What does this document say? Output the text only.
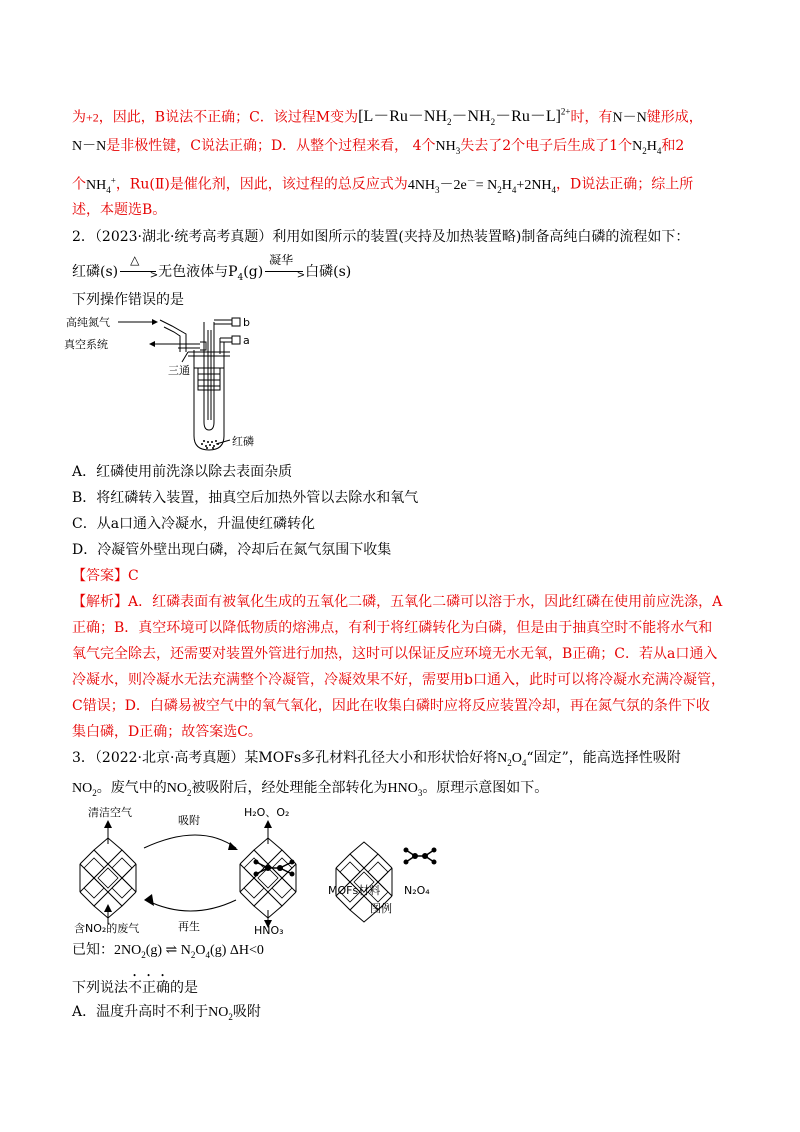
为+2，因此，B说法不正确；C．该过程M变为$[L-Ru-NH_2-NH_2-Ru-L]^{2+}$时，有N－N键形成，
N－N是非极性键，C说法正确；D．从整个过程来看， 4个$NH_3$失去了2个电子后生成了1个$N_2H_4$和2
个$NH_4^+$，Ru(Ⅱ)是催化剂，因此，该过程的总反应式为$4NH_3-2e^-= N_2H_4+2NH_4$，D说法正确；综上所
述，本题选B。
2．（2023·湖北·统考高考真题）利用如图所示的装置(夹持及加热装置略)制备高纯白磷的流程如下：
红磷(s)
△
> 无色液体与$P_4(g)$
凝华
> 白磷(s)
下列操作错误的是
高纯氮气
真空系统
三通
b
a
红磷
A．红磷使用前洗涤以除去表面杂质
B．将红磷转入装置，抽真空后加热外管以去除水和氧气
C．从a口通入冷凝水，升温使红磷转化
D．冷凝管外壁出现白磷，冷却后在氮气氛围下收集
【答案】C
【解析】A．红磷表面有被氧化生成的五氧化二磷，五氧化二磷可以溶于水，因此红磷在使用前应洗涤，A
正确；B．真空环境可以降低物质的熔沸点，有利于将红磷转化为白磷，但是由于抽真空时不能将水气和
氧气完全除去，还需要对装置外管进行加热，这时可以保证反应环境无水无氧，B正确；C．若从a口通入
冷凝水，则冷凝水无法充满整个冷凝管，冷凝效果不好，需要用b口通入，此时可以将冷凝水充满冷凝管，
C错误；D．白磷易被空气中的氧气氧化，因此在收集白磷时应将反应装置冷却，再在氮气氛的条件下收
集白磷，D正确；故答案选C。
3．（2022·北京·高考真题）某MOFs多孔材料孔径大小和形状恰好将$N_2O_4“$固定”，能高选择性吸附
$NO_2$。废气中的$NO_2$被吸附后，经处理能全部转化为$HNO_3$。原理示意图如下。
清洁空气
吸附
H₂O、O₂
含NO₂的废气	再生	HNO₃
MOFs材料 N₂O₄
图例
已知：$2NO_2(g)$ ⇌ $N_2O_4(g)$ ΔH<0
下列说法不正确的是
A．温度升高时不利于$NO_2$吸附
